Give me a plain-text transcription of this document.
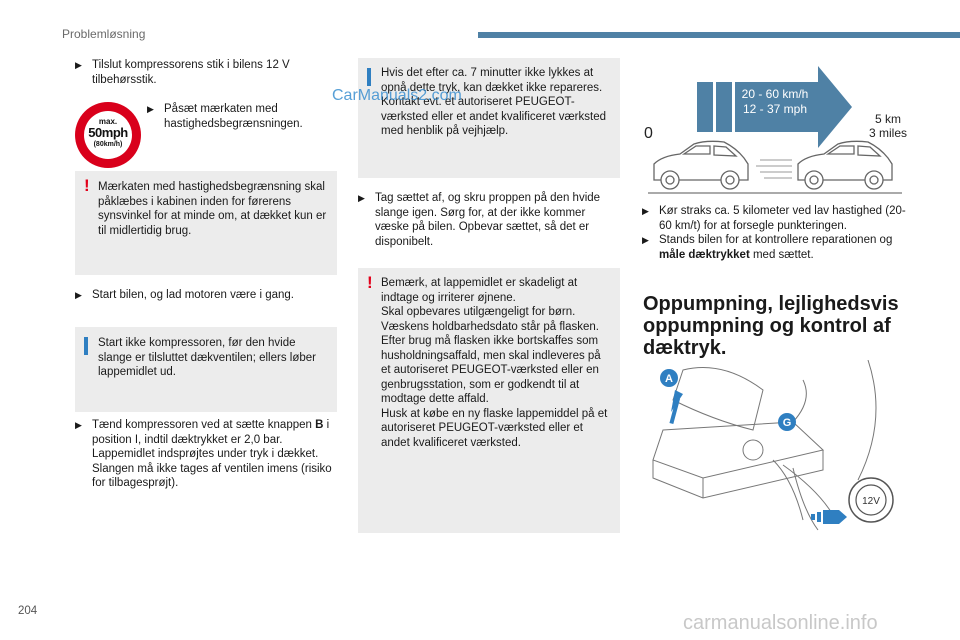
Problemløsning
▶ Tilslut kompressorens stik i bilens 12 V tilbehørsstik.
max.
50mph
(80km/h)
▶ Påsæt mærkaten med hastighedsbegrænsningen.
! Mærkaten med hastighedsbegrænsning skal påklæbes i kabinen inden for førerens synsvinkel for at minde om, at dækket kun er til midlertidig brug.
▶ Start bilen, og lad motoren være i gang.
Start ikke kompressoren, før den hvide slange er tilsluttet dækventilen; ellers løber lappemidlet ud.
▶ Tænd kompressoren ved at sætte knappen B i position I, indtil dæktrykket er 2,0 bar. Lappemidlet indsprøjtes under tryk i dækket. Slangen må ikke tages af ventilen imens (risiko for tilbagesprøjt).
Hvis det efter ca. 7 minutter ikke lykkes at opnå dette tryk, kan dækket ikke repareres. Kontakt evt. et autoriseret PEUGEOT-værksted eller et andet kvalificeret værksted med henblik på vejhjælp.
▶ Tag sættet af, og skru proppen på den hvide slange igen. Sørg for, at der ikke kommer væske på bilen. Opbevar sættet, så det er disponibelt.
! Bemærk, at lappemidlet er skadeligt at indtage og irriterer øjnene.
Skal opbevares utilgængeligt for børn.
Væskens holdbarhedsdato står på flasken.
Efter brug må flasken ikke bortskaffes som husholdningsaffald, men skal indleveres på et autoriseret PEUGEOT-værksted eller en genbrugsstation, som er godkendt til at modtage dette affald.
Husk at købe en ny flaske lappemiddel på et autoriseret PEUGEOT-værksted eller et andet kvalificeret værksted.
20 - 60 km/h
12 - 37 mph
0
5 km
3 miles
▶ Kør straks ca. 5 kilometer ved lav hastighed (20-60 km/t) for at forsegle punkteringen.
▶ Stands bilen for at kontrollere reparationen og måle dæktrykket med sættet.
Oppumpning, lejlighedsvis oppumpning og kontrol af dæktryk.
12V
A
G
204
CarManuals2.com
carmanualsonline.info
